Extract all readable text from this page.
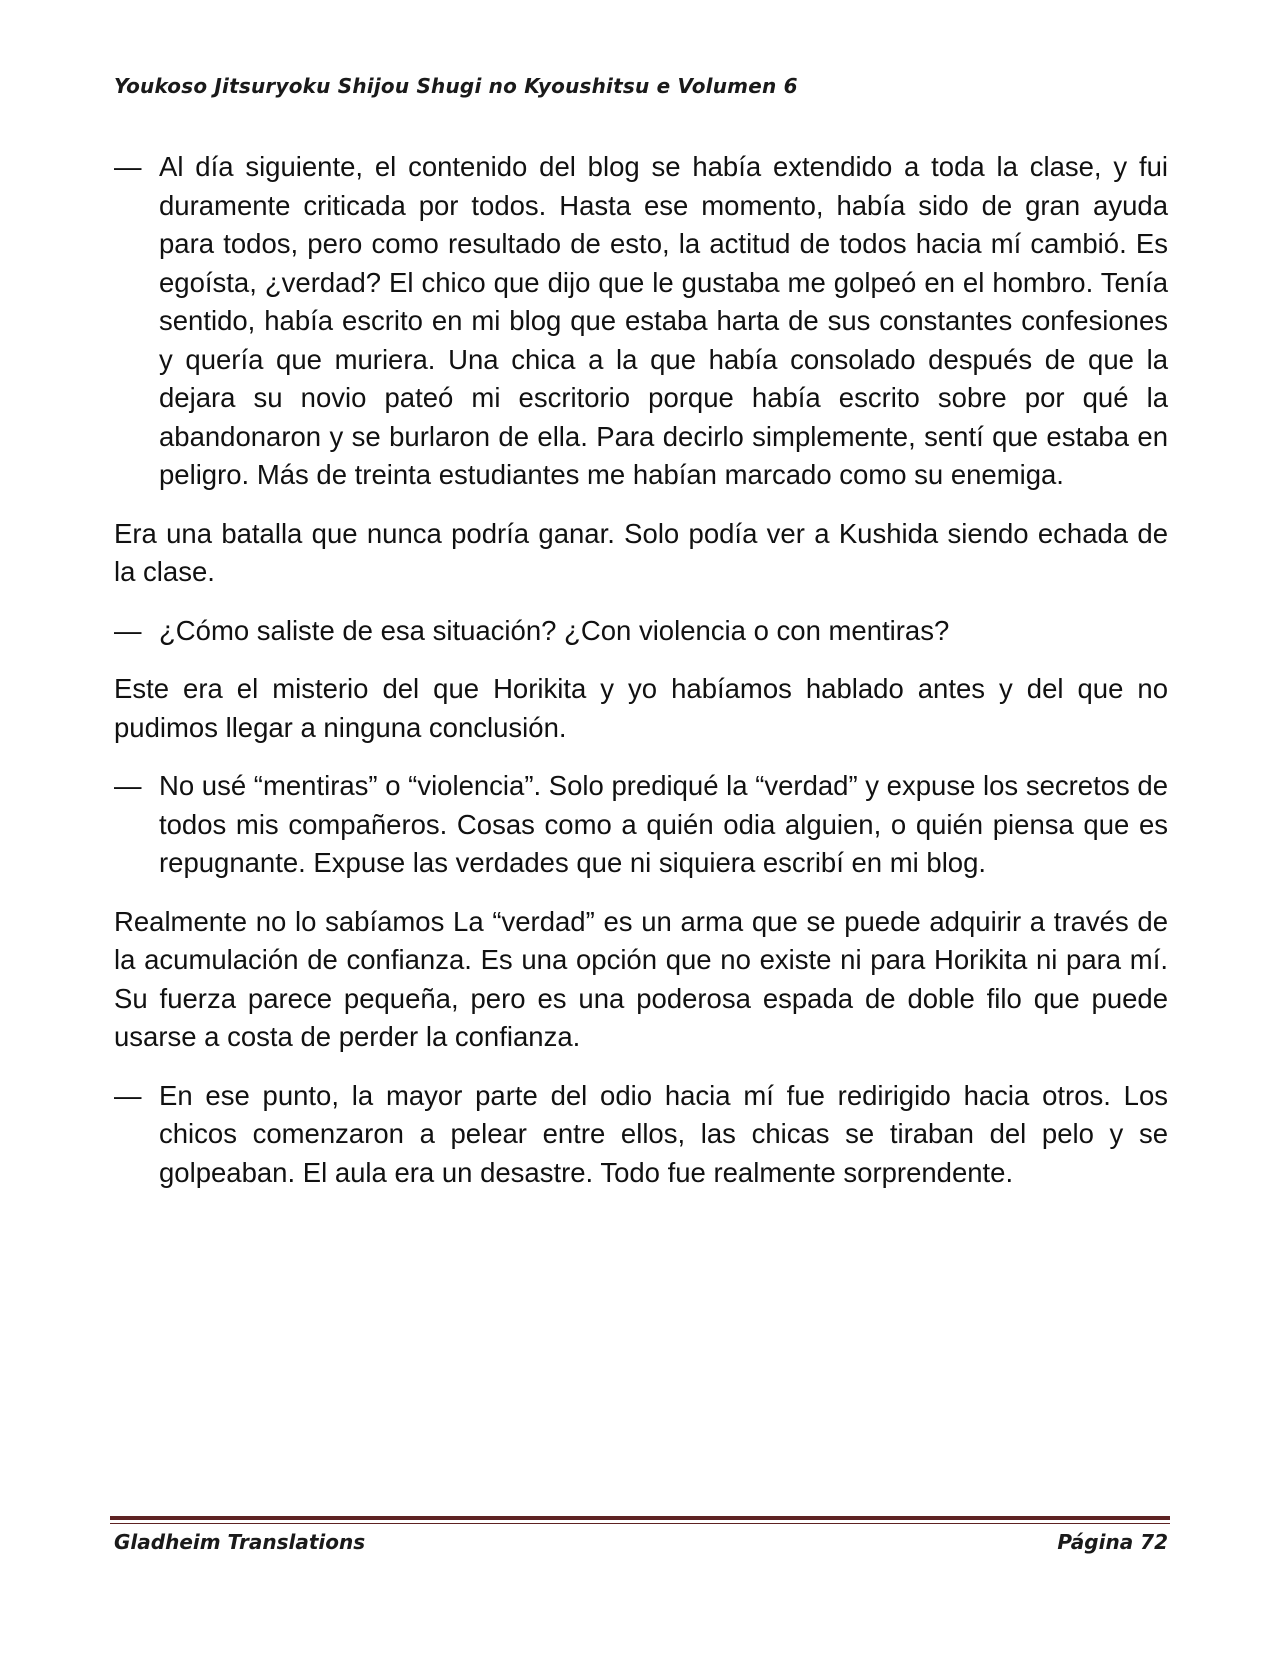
Youkoso Jitsuryoku Shijou Shugi no Kyoushitsu e Volumen 6

— Al día siguiente, el contenido del blog se había extendido a toda la clase, y fui duramente criticada por todos. Hasta ese momento, había sido de gran ayuda para todos, pero como resultado de esto, la actitud de todos hacia mí cambió. Es egoísta, ¿verdad? El chico que dijo que le gustaba me golpeó en el hombro. Tenía sentido, había escrito en mi blog que estaba harta de sus constantes confesiones y quería que muriera. Una chica a la que había consolado después de que la dejara su novio pateó mi escritorio porque había escrito sobre por qué la abandonaron y se burlaron de ella. Para decirlo simplemente, sentí que estaba en peligro. Más de treinta estudiantes me habían marcado como su enemiga.

Era una batalla que nunca podría ganar. Solo podía ver a Kushida siendo echada de la clase.

— ¿Cómo saliste de esa situación? ¿Con violencia o con mentiras?

Este era el misterio del que Horikita y yo habíamos hablado antes y del que no pudimos llegar a ninguna conclusión.

— No usé “mentiras” o “violencia”. Solo prediqué la “verdad” y expuse los secretos de todos mis compañeros. Cosas como a quién odia alguien, o quién piensa que es repugnante. Expuse las verdades que ni siquiera escribí en mi blog.

Realmente no lo sabíamos La “verdad” es un arma que se puede adquirir a través de la acumulación de confianza. Es una opción que no existe ni para Horikita ni para mí. Su fuerza parece pequeña, pero es una poderosa espada de doble filo que puede usarse a costa de perder la confianza.

— En ese punto, la mayor parte del odio hacia mí fue redirigido hacia otros. Los chicos comenzaron a pelear entre ellos, las chicas se tiraban del pelo y se golpeaban. El aula era un desastre. Todo fue realmente sorprendente.

Gladheim Translations	Página 72
